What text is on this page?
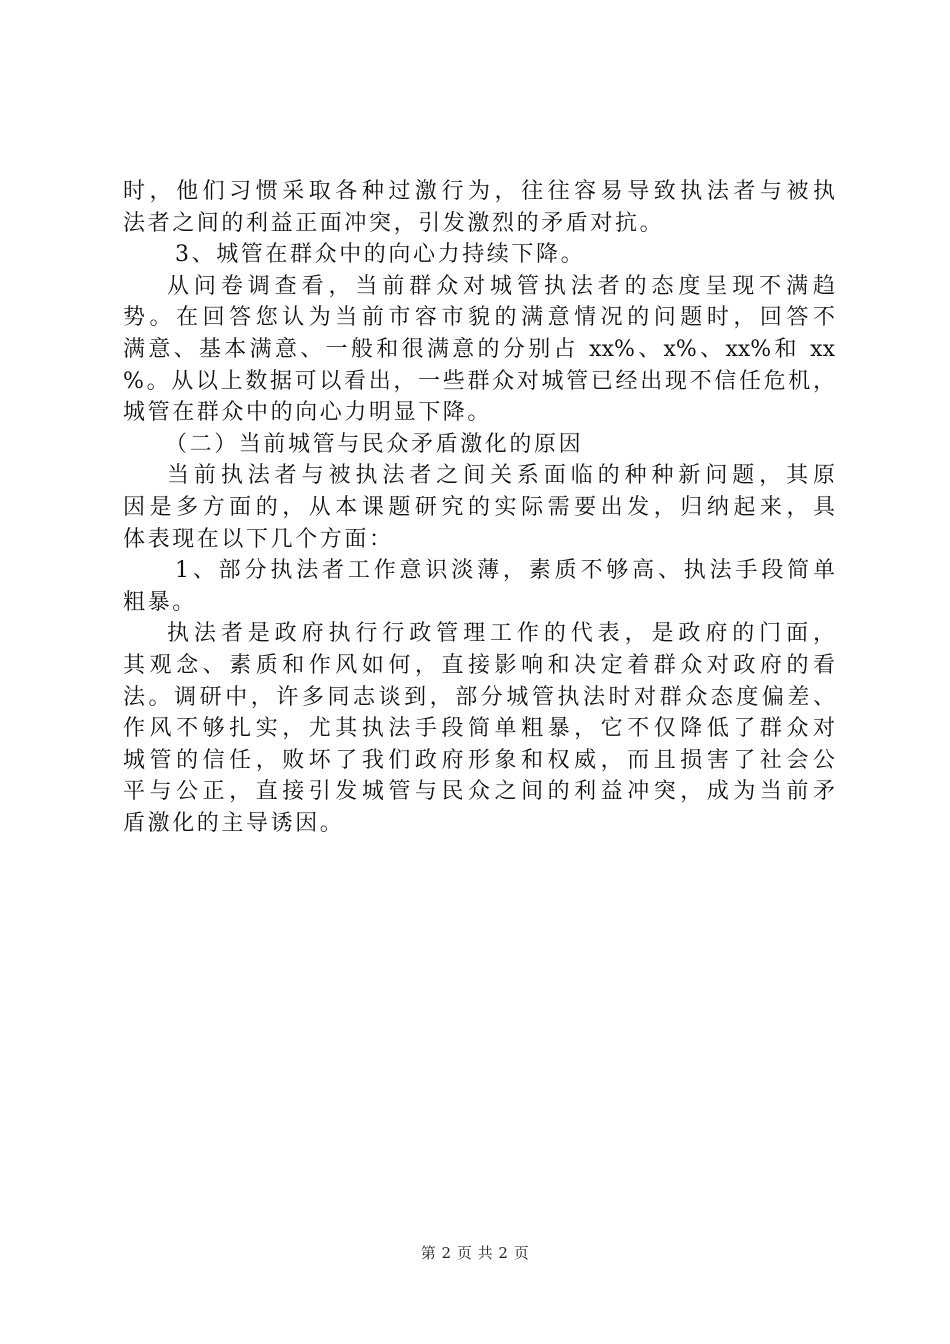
时，他们习惯采取各种过激行为，往往容易导致执法者与被执
法者之间的利益正面冲突，引发激烈的矛盾对抗。
3、城管在群众中的向心力持续下降。
从问卷调查看，当前群众对城管执法者的态度呈现不满趋
势。在回答您认为当前市容市貌的满意情况的问题时，回答不
满意、基本满意、一般和很满意的分别占 xx%、x%、xx%和 xx
%。从以上数据可以看出，一些群众对城管已经出现不信任危机，
城管在群众中的向心力明显下降。
（二）当前城管与民众矛盾激化的原因
当前执法者与被执法者之间关系面临的种种新问题，其原
因是多方面的，从本课题研究的实际需要出发，归纳起来，具
体表现在以下几个方面：
1、部分执法者工作意识淡薄，素质不够高、执法手段简单
粗暴。
执法者是政府执行行政管理工作的代表，是政府的门面，
其观念、素质和作风如何，直接影响和决定着群众对政府的看
法。调研中，许多同志谈到，部分城管执法时对群众态度偏差、
作风不够扎实，尤其执法手段简单粗暴，它不仅降低了群众对
城管的信任，败坏了我们政府形象和权威，而且损害了社会公
平与公正，直接引发城管与民众之间的利益冲突，成为当前矛
盾激化的主导诱因。
第 2 页 共 2 页
